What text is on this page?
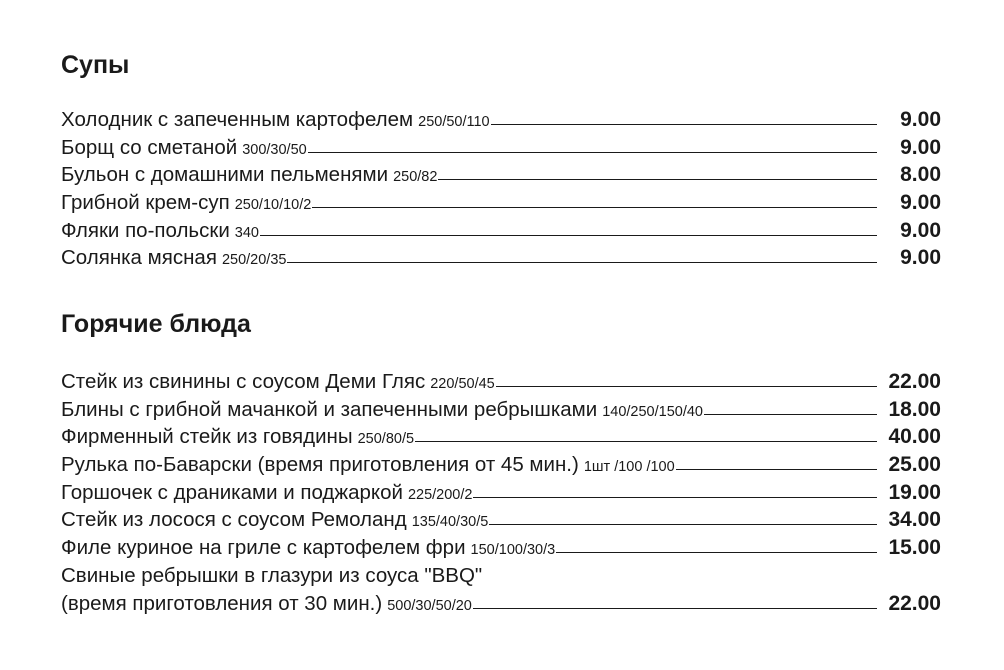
Супы
Холодник с запеченным картофелем 250/50/110	9.00
Борщ со сметаной 300/30/50	9.00
Бульон с домашними пельменями 250/82	8.00
Грибной крем-суп 250/10/10/2	9.00
Фляки по-польски 340	9.00
Солянка мясная 250/20/35	9.00
Горячие блюда
Стейк из свинины с соусом Деми Гляс 220/50/45	22.00
Блины с грибной мачанкой и запеченными ребрышками 140/250/150/40	18.00
Фирменный стейк из говядины 250/80/5	40.00
Рулька по-Баварски (время приготовления от 45 мин.) 1шт /100 /100	25.00
Горшочек с драниками и поджаркой 225/200/2	19.00
Стейк из лосося с соусом Ремоланд 135/40/30/5	34.00
Филе куриное на гриле с картофелем фри 150/100/30/3	15.00
Свиные ребрышки в глазури из соуса "BBQ"
(время приготовления от 30 мин.) 500/30/50/20	22.00
